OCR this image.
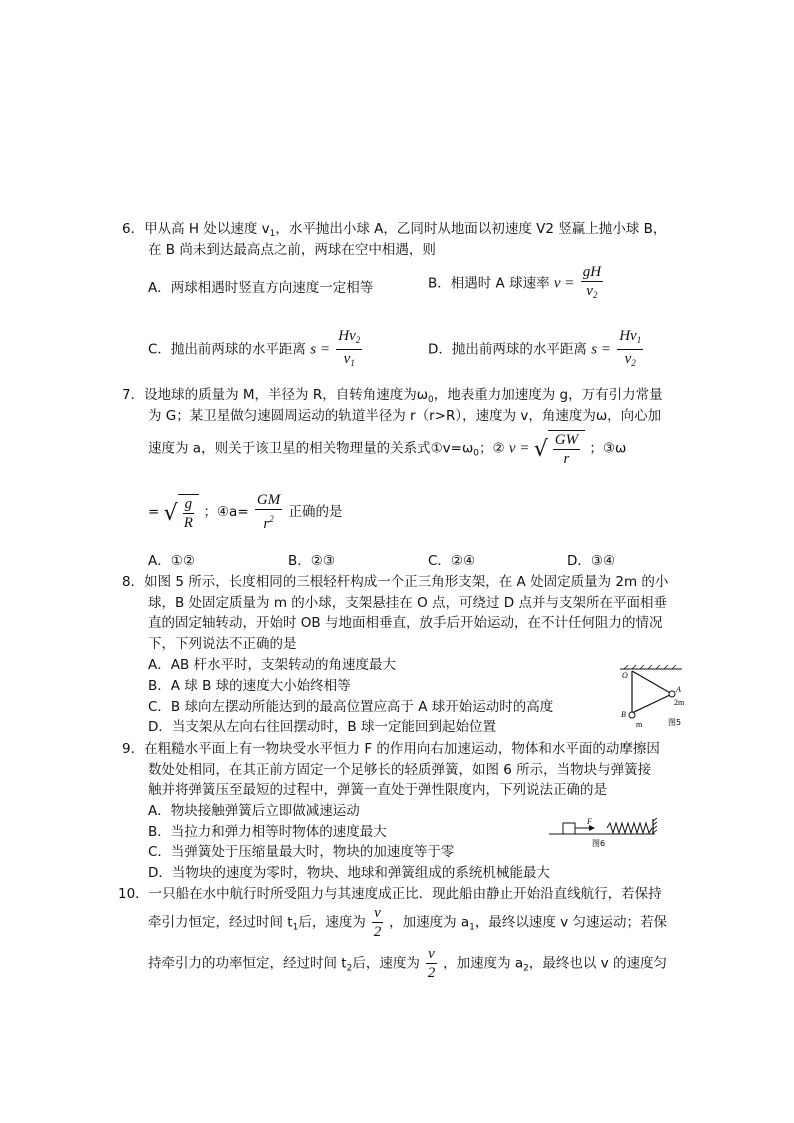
6．甲从高 H 处以速度 $v_1$，水平抛出小球 A，乙同时从地面以初速度 V2 竖赢上抛小球 B，
在 B 尚未到达最高点之前，两球在空中相遇，则
A．两球相遇时竖直方向速度一定相等	B．相遇时 A 球速率 $v = \frac{gH}{v_2}$
C．抛出前两球的水平距离 $s = \frac{Hv_2}{v_1}$	D．抛出前两球的水平距离 $s = \frac{Hv_1}{v_2}$
7．设地球的质量为 M，半径为 R，自转角速度为$\omega_0$，地表重力加速度为 g，万有引力常量
为 G；某卫星做匀速圆周运动的轨道半径为 r（r>R），速度为 v，角速度为ω，向心加
速度为 a，则关于该卫星的相关物理量的关系式$①v=\omega_0$；② v = √ $\frac{GW}{r}$ ；③ω
= √ $\frac{g}{R}$ ；④a= $\frac{GM}{r^2}$ 正确的是
A．①②	B．②③	C．②④	D．③④
8．如图 5 所示，长度相同的三根轻杆构成一个正三角形支架，在 A 处固定质量为 2m 的小
球，B 处固定质量为 m 的小球，支架悬挂在 O 点，可绕过 D 点并与支架所在平面相垂
直的固定轴转动，开始时 OB 与地面相垂直，放手后开始运动，在不计任何阻力的情况
下，下列说法不正确的是
A．AB 杆水平时，支架转动的角速度最大
B．A 球 B 球的速度大小始终相等
C．B 球向左摆动所能达到的最高位置应高于 A 球开始运动时的高度
D．当支架从左向右往回摆动时，B 球一定能回到起始位置
O
A
2m
B
m	图5
9．在粗糙水平面上有一物块受水平恒力 F 的作用向右加速运动，物体和水平面的动摩擦因
数处处相同，在其正前方固定一个足够长的轻质弹簧，如图 6 所示，当物块与弹簧接
触并将弹簧压至最短的过程中，弹簧一直处于弹性限度内，下列说法正确的是
A．物块接触弹簧后立即做减速运动
B．当拉力和弹力相等时物体的速度最大
C．当弹簧处于压缩量最大时，物块的加速度等于零
D．当物块的速度为零时，物块、地球和弹簧组成的系统机械能最大
F
图6
10．一只船在水中航行时所受阻力与其速度成正比．现此船由静止开始沿直线航行，若保持
牵引力恒定，经过时间 $t_1$后，速度为 $\frac{v}{2}$ ，加速度为 $a_1$，最终以速度 v 匀速运动；若保
持牵引力的功率恒定，经过时间 $t_2$后，速度为 $\frac{v}{2}$ ，加速度为 $a_2$，最终也以 v 的速度匀
